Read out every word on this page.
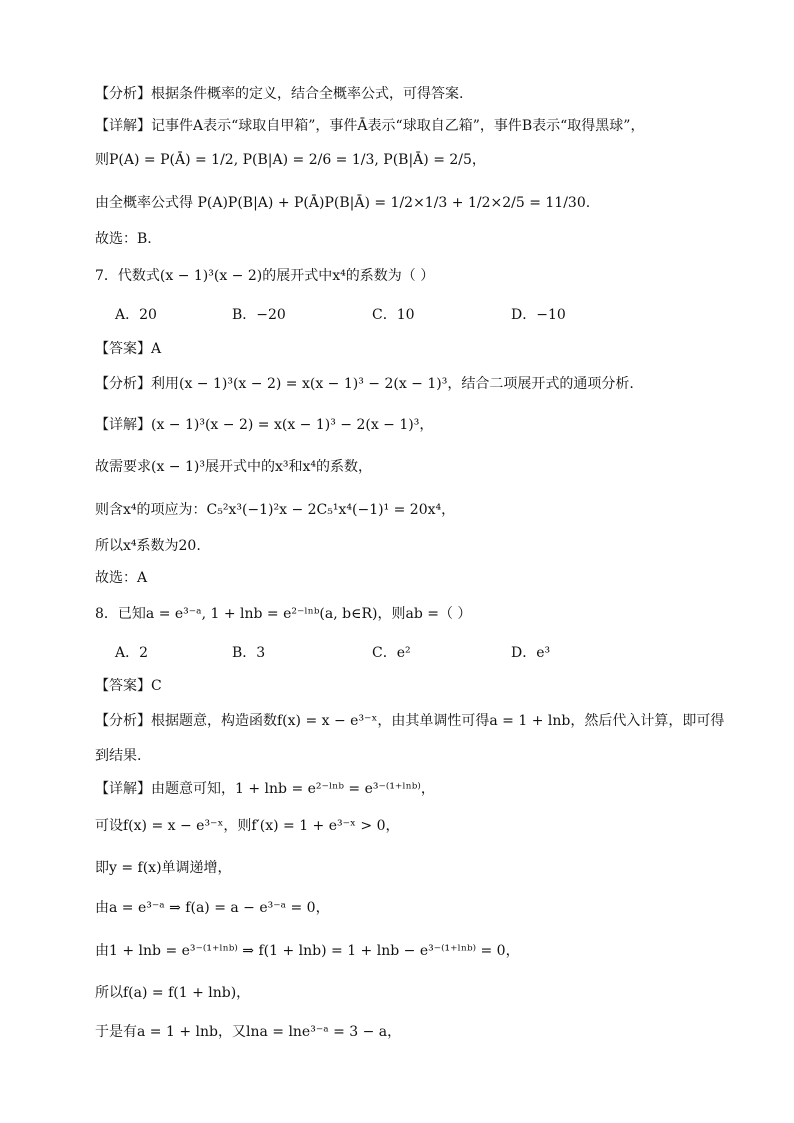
【分析】根据条件概率的定义，结合全概率公式，可得答案.
【详解】记事件A表示“球取自甲箱”，事件Ā表示“球取自乙箱”，事件B表示“取得黑球”，
则P(A) = P(Ā) = 1/2, P(B|A) = 2/6 = 1/3, P(B|Ā) = 2/5，
由全概率公式得 P(A)P(B|A) + P(Ā)P(B|Ā) = 1/2×1/3 + 1/2×2/5 = 11/30.
故选：B.
7．代数式(x − 1)³(x − 2)的展开式中x⁴的系数为（ ）
A．20	B．−20	C．10	D．−10
【答案】A
【分析】利用(x − 1)³(x − 2) = x(x − 1)³ − 2(x − 1)³，结合二项展开式的通项分析.
【详解】(x − 1)³(x − 2) = x(x − 1)³ − 2(x − 1)³，
故需要求(x − 1)³展开式中的x³和x⁴的系数，
则含x⁴的项应为：C₅²x³(−1)²x − 2C₅¹x⁴(−1)¹ = 20x⁴，
所以x⁴系数为20.
故选：A
8．已知a = e³⁻ᵃ, 1 + lnb = e²⁻ˡⁿᵇ(a, b∈R)，则ab =（ ）
A．2	B．3	C．e²	D．e³
【答案】C
【分析】根据题意，构造函数f(x) = x − e³⁻ˣ，由其单调性可得a = 1 + lnb，然后代入计算，即可得
到结果.
【详解】由题意可知，1 + lnb = e²⁻ˡⁿᵇ = e³⁻⁽¹⁺ˡⁿᵇ⁾，
可设f(x) = x − e³⁻ˣ，则f′(x) = 1 + e³⁻ˣ > 0，
即y = f(x)单调递增，
由a = e³⁻ᵃ ⇒ f(a) = a − e³⁻ᵃ = 0，
由1 + lnb = e³⁻⁽¹⁺ˡⁿᵇ⁾ ⇒ f(1 + lnb) = 1 + lnb − e³⁻⁽¹⁺ˡⁿᵇ⁾ = 0，
所以f(a) = f(1 + lnb)，
于是有a = 1 + lnb，又lna = lne³⁻ᵃ = 3 − a，
